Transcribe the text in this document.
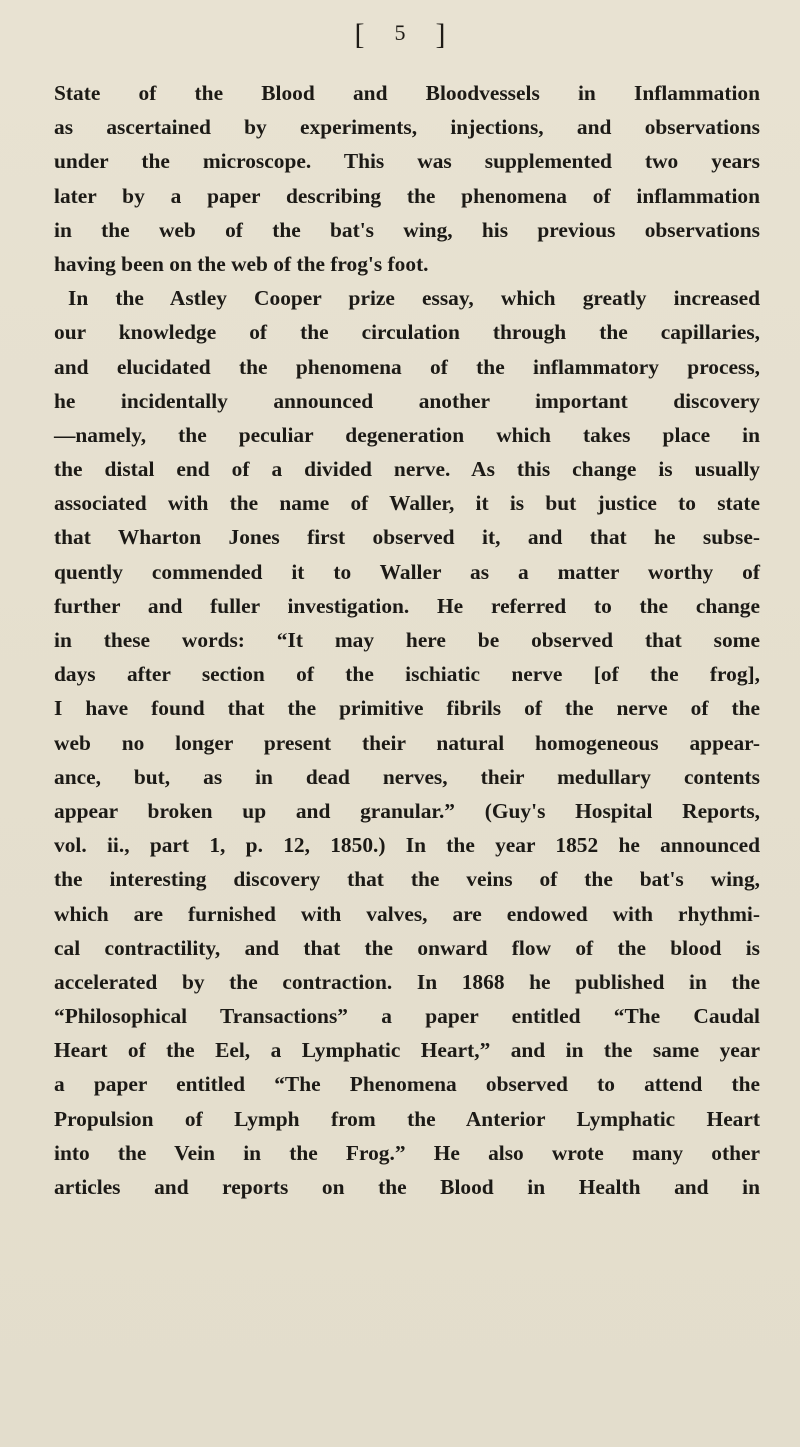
[ 5 ]
State of the Blood and Bloodvessels in Inflammation
as ascertained by experiments, injections, and observations
under the microscope. This was supplemented two years
later by a paper describing the phenomena of inflammation
in the web of the bat's wing, his previous observations
having been on the web of the frog's foot.
In the Astley Cooper prize essay, which greatly increased
our knowledge of the circulation through the capillaries,
and elucidated the phenomena of the inflammatory process,
he incidentally announced another important discovery
—namely, the peculiar degeneration which takes place in
the distal end of a divided nerve. As this change is usually
associated with the name of Waller, it is but justice to state
that Wharton Jones first observed it, and that he subse-
quently commended it to Waller as a matter worthy of
further and fuller investigation. He referred to the change
in these words: “It may here be observed that some
days after section of the ischiatic nerve [of the frog],
I have found that the primitive fibrils of the nerve of the
web no longer present their natural homogeneous appear-
ance, but, as in dead nerves, their medullary contents
appear broken up and granular.” (Guy's Hospital Reports,
vol. ii., part 1, p. 12, 1850.) In the year 1852 he announced
the interesting discovery that the veins of the bat's wing,
which are furnished with valves, are endowed with rhythmi-
cal contractility, and that the onward flow of the blood is
accelerated by the contraction. In 1868 he published in the
“Philosophical Transactions” a paper entitled “The Caudal
Heart of the Eel, a Lymphatic Heart,” and in the same year
a paper entitled “The Phenomena observed to attend the
Propulsion of Lymph from the Anterior Lymphatic Heart
into the Vein in the Frog.” He also wrote many other
articles and reports on the Blood in Health and in
